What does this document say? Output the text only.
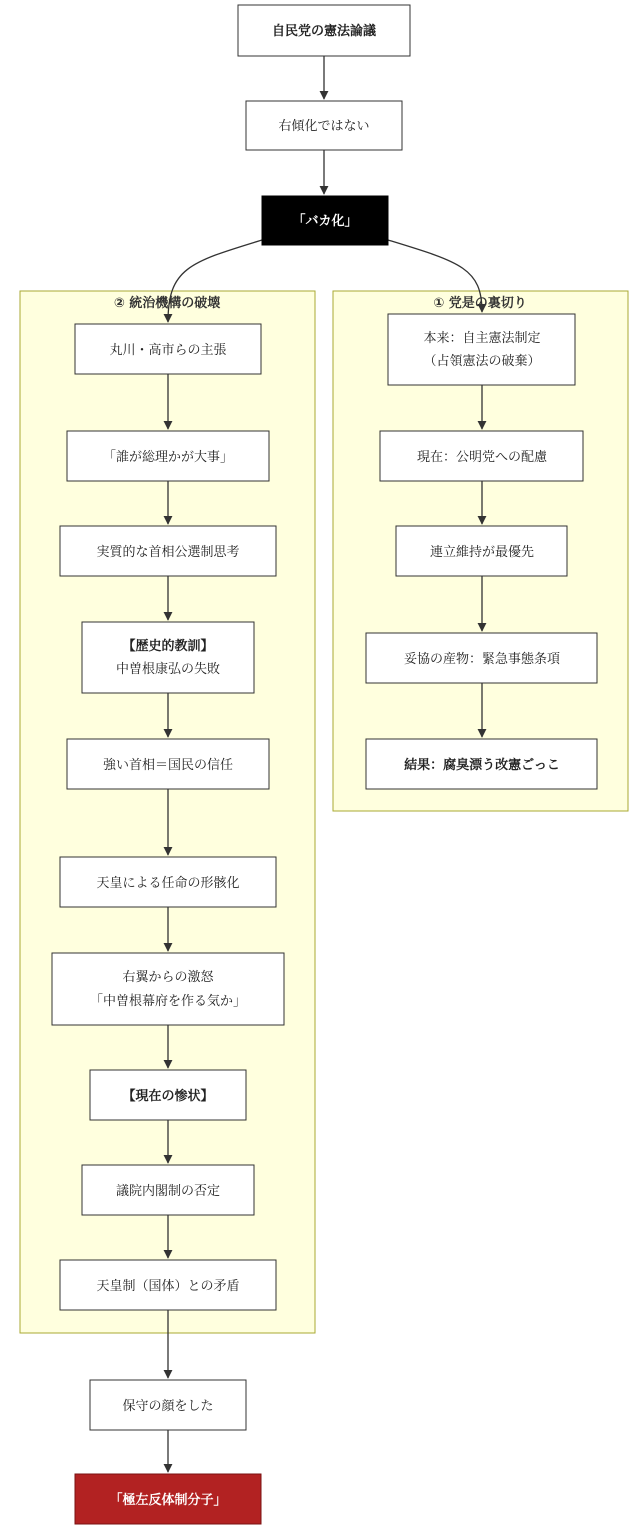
② 統治機構の破壊	① 党是の裏切り
自民党の憲法論議
右傾化ではない
「バカ化」
丸川・高市らの主張
「誰が総理かが大事」
実質的な首相公選制思考
【歴史的教訓】
中曽根康弘の失敗
強い首相＝国民の信任
天皇による任命の形骸化
右翼からの激怒
「中曽根幕府を作る気か」
【現在の惨状】
議院内閣制の否定
天皇制（国体）との矛盾
本来：自主憲法制定
（占領憲法の破棄）
現在：公明党への配慮
連立維持が最優先
妥協の産物：緊急事態条項
結果：腐臭漂う改憲ごっこ
保守の顔をした
「極左反体制分子」
